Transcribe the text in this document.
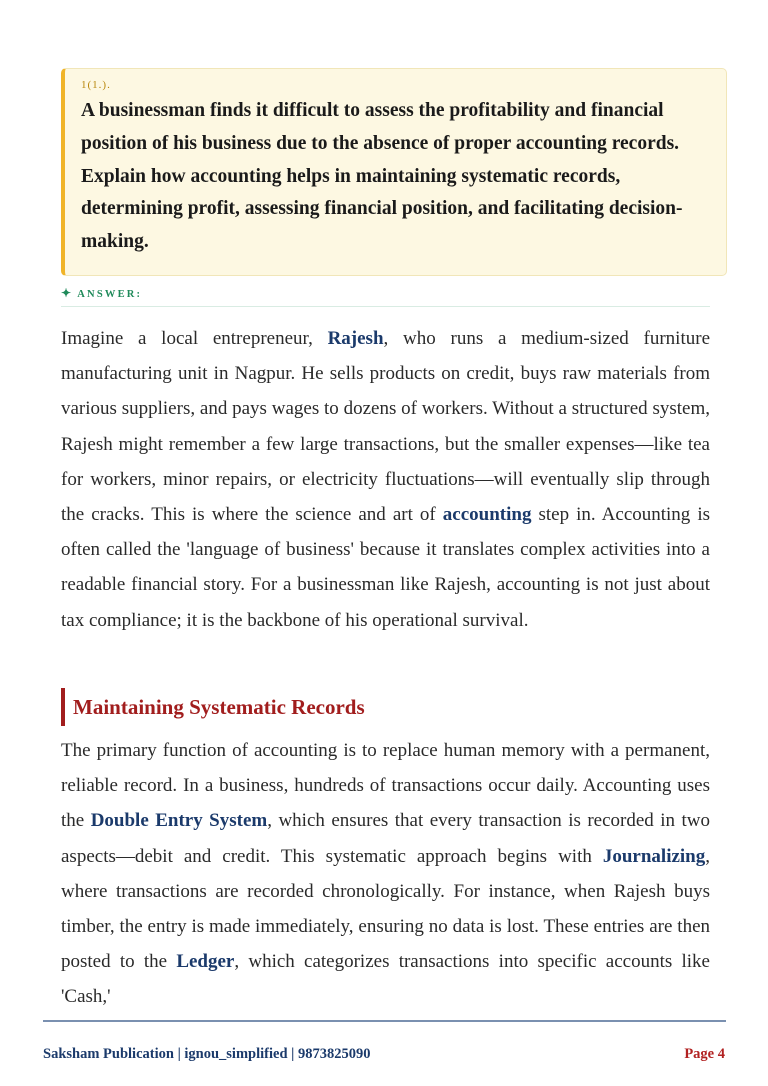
1(1.).

A businessman finds it difficult to assess the profitability and financial position of his business due to the absence of proper accounting records. Explain how accounting helps in maintaining systematic records, determining profit, assessing financial position, and facilitating decision-making.

✦ ANSWER:

Imagine a local entrepreneur, Rajesh, who runs a medium-sized furniture manufacturing unit in Nagpur. He sells products on credit, buys raw materials from various suppliers, and pays wages to dozens of workers. Without a structured system, Rajesh might remember a few large transactions, but the smaller expenses—like tea for workers, minor repairs, or electricity fluctuations—will eventually slip through the cracks. This is where the science and art of accounting step in. Accounting is often called the 'language of business' because it translates complex activities into a readable financial story. For a businessman like Rajesh, accounting is not just about tax compliance; it is the backbone of his operational survival.

Maintaining Systematic Records

The primary function of accounting is to replace human memory with a permanent, reliable record. In a business, hundreds of transactions occur daily. Accounting uses the Double Entry System, which ensures that every transaction is recorded in two aspects—debit and credit. This systematic approach begins with Journalizing, where transactions are recorded chronologically. For instance, when Rajesh buys timber, the entry is made immediately, ensuring no data is lost. These entries are then posted to the Ledger, which categorizes transactions into specific accounts like 'Cash,'

Saksham Publication | ignou_simplified | 9873825090	Page 4
